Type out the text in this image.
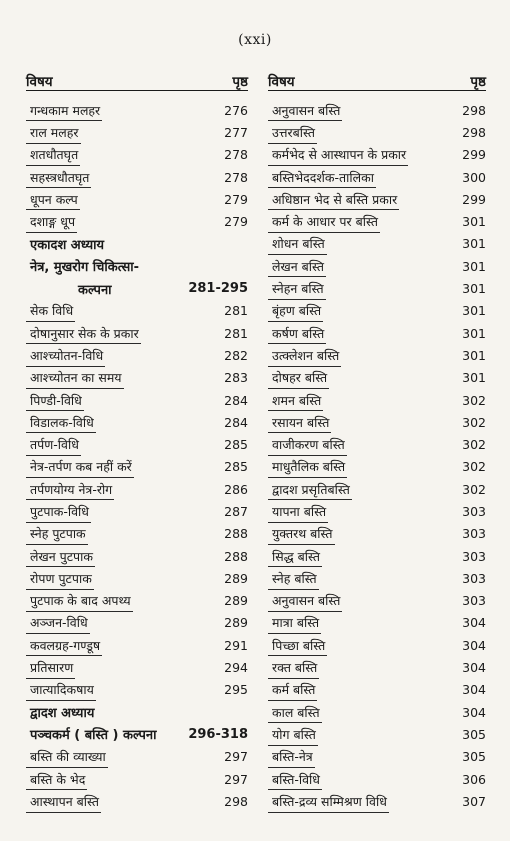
(xxi)
विषय	पृष्ठ
गन्धकाम मलहर	276
राल मलहर	277
शतधौतघृत	278
सहस्त्रधौतघृत	278
धूपन कल्प	279
दशाङ्ग धूप	279
एकादश अध्याय
नेत्र, मुखरोग चिकित्सा-
कल्पना	281-295
सेक विधि	281
दोषानुसार सेक के प्रकार	281
आश्च्योतन-विधि	282
आश्च्योतन का समय	283
पिण्डी-विधि	284
विडालक-विधि	284
तर्पण-विधि	285
नेत्र-तर्पण कब नहीं करें	285
तर्पणयोग्य नेत्र-रोग	286
पुटपाक-विधि	287
स्नेह पुटपाक	288
लेखन पुटपाक	288
रोपण पुटपाक	289
पुटपाक के बाद अपथ्य	289
अञ्जन-विधि	289
कवलग्रह-गण्डूष	291
प्रतिसारण	294
जात्यादिकषाय	295
द्वादश अध्याय
पञ्चकर्म ( बस्ति ) कल्पना 296-318
बस्ति की व्याख्या	297
बस्ति के भेद	297
आस्थापन बस्ति	298
विषय	पृष्ठ
अनुवासन बस्ति	298
उत्तरबस्ति	298
कर्मभेद से आस्थापन के प्रकार	299
बस्तिभेददर्शक-तालिका	300
अधिष्ठान भेद से बस्ति प्रकार	299
कर्म के आधार पर बस्ति	301
शोधन बस्ति	301
लेखन बस्ति	301
स्नेहन बस्ति	301
बृंहण बस्ति	301
कर्षण बस्ति	301
उत्क्लेशन बस्ति	301
दोषहर बस्ति	301
शमन बस्ति	302
रसायन बस्ति	302
वाजीकरण बस्ति	302
माधुतैलिक बस्ति	302
द्वादश प्रसृतिबस्ति	302
यापना बस्ति	303
युक्तरथ बस्ति	303
सिद्ध बस्ति	303
स्नेह बस्ति	303
अनुवासन बस्ति	303
मात्रा बस्ति	304
पिच्छा बस्ति	304
रक्त बस्ति	304
कर्म बस्ति	304
काल बस्ति	304
योग बस्ति	305
बस्ति-नेत्र	305
बस्ति-विधि	306
बस्ति-द्रव्य सम्मिश्रण विधि	307
